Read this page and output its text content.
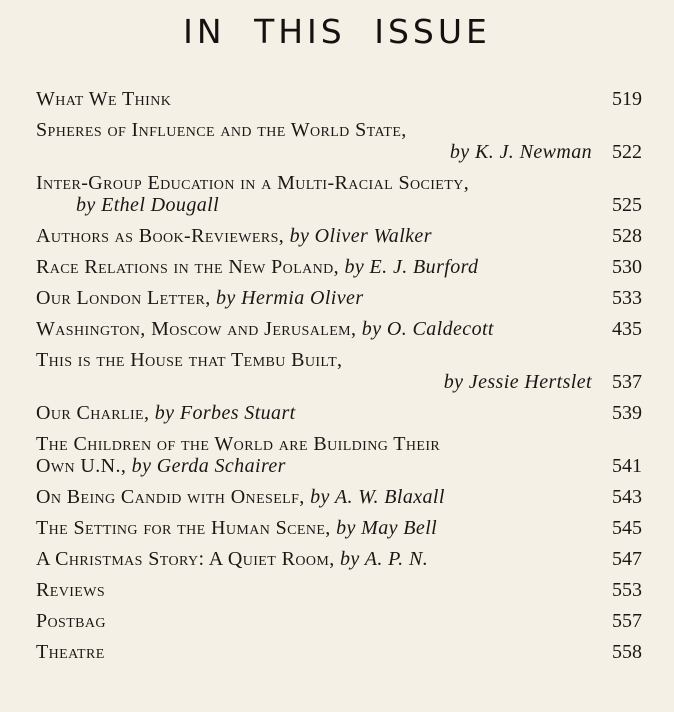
IN THIS ISSUE
What We Think	519
Spheres of Influence and the World State,
by K. J. Newman 522
Inter-Group Education in a Multi-Racial Society,
by Ethel Dougall	525
Authors as Book-Reviewers, by Oliver Walker	528
Race Relations in the New Poland, by E. J. Burford	530
Our London Letter, by Hermia Oliver	533
Washington, Moscow and Jerusalem, by O. Caldecott	435
This is the House that Tembu Built,
by Jessie Hertslet 537
Our Charlie, by Forbes Stuart	539
The Children of the World are Building Their
Own U.N., by Gerda Schairer	541
On Being Candid with Oneself, by A. W. Blaxall	543
The Setting for the Human Scene, by May Bell	545
A Christmas Story: A Quiet Room, by A. P. N.	547
Reviews	553
Postbag	557
Theatre	558
